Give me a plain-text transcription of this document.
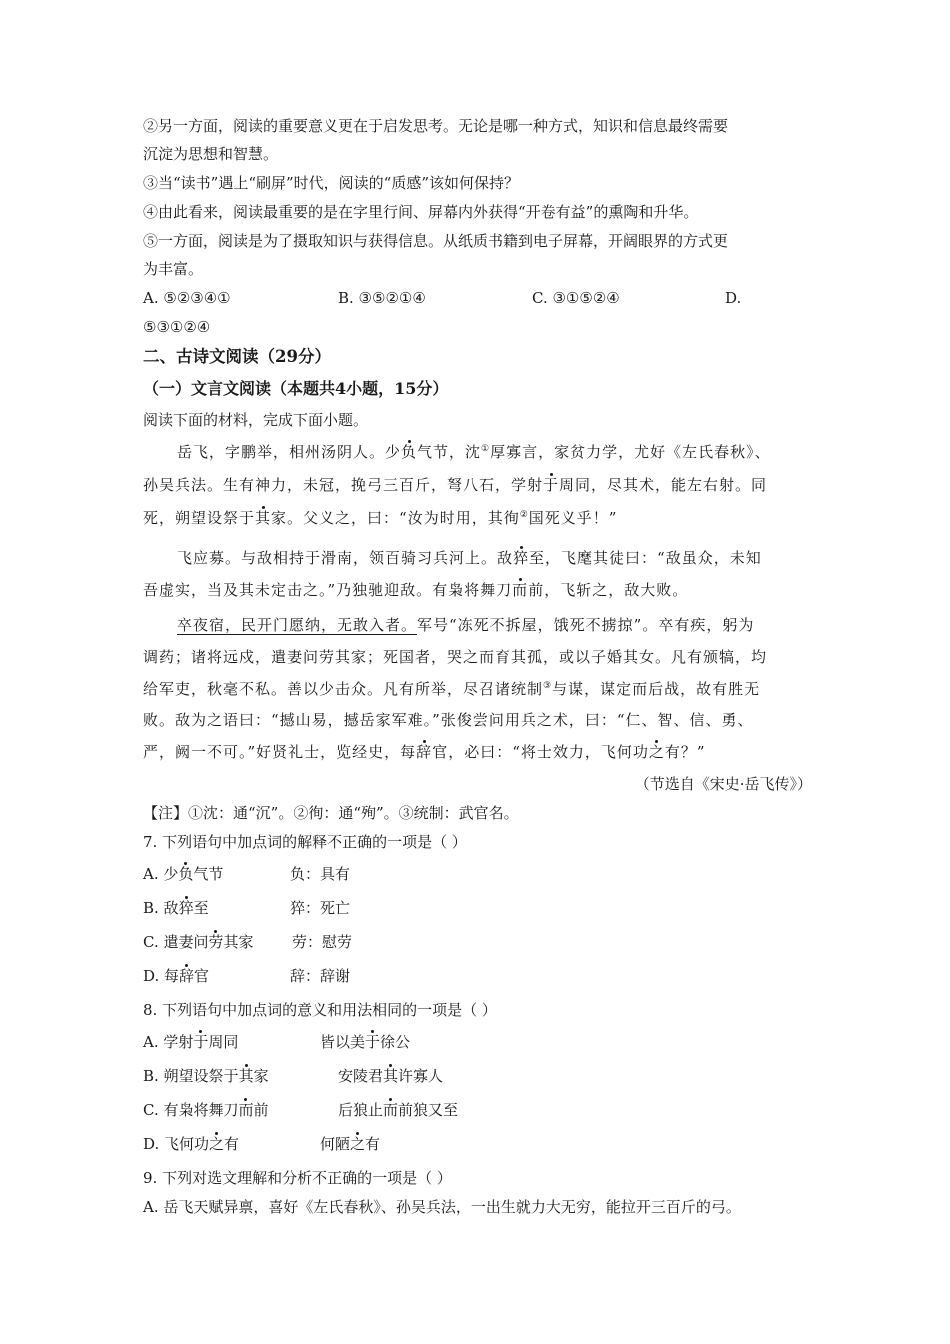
②另一方面，阅读的重要意义更在于启发思考。无论是哪一种方式，知识和信息最终需要
沉淀为思想和智慧。
③当“读书”遇上“刷屏”时代，阅读的“质感”该如何保持？
④由此看来，阅读最重要的是在字里行间、屏幕内外获得“开卷有益”的熏陶和升华。
⑤一方面，阅读是为了摄取知识与获得信息。从纸质书籍到电子屏幕，开阔眼界的方式更
为丰富。
A. ⑤②③④①	B. ③⑤②①④	C. ③①⑤②④	D.
⑤③①②④
二、古诗文阅读（29分）
（一）文言文阅读（本题共4小题，15分）
阅读下面的材料，完成下面小题。
岳飞，字鹏举，相州汤阴人。少负气节，沈①厚寡言，家贫力学，尤好《左氏春秋》、
孙吴兵法。生有神力，未冠，挽弓三百斤，弩八石，学射于周同，尽其术，能左右射。同
死，朔望设祭于其家。父义之，曰：“汝为时用，其徇②国死义乎！”
飞应募。与敌相持于滑南，领百骑习兵河上。敌猝至，飞麾其徒曰：“敌虽众，未知
吾虚实，当及其未定击之。”乃独驰迎敌。有枭将舞刀而前，飞斩之，敌大败。
卒夜宿，民开门愿纳，无敢入者。军号“冻死不拆屋，饿死不掳掠”。卒有疾，躬为
调药；诸将远戍，遣妻问劳其家；死国者，哭之而育其孤，或以子婚其女。凡有颁犒，均
给军吏，秋毫不私。善以少击众。凡有所举，尽召诸统制③与谋，谋定而后战，故有胜无
败。敌为之语曰：“撼山易，撼岳家军难。”张俊尝问用兵之术，曰：“仁、智、信、勇、
严，阙一不可。”好贤礼士，览经史，每辞官，必曰：“将士效力，飞何功之有？”
（节选自《宋史·岳飞传》）
【注】①沈：通“沉”。②徇：通“殉”。③统制：武官名。
7. 下列语句中加点词的解释不正确的一项是（ ）
A. 少负气节	负：具有
B. 敌猝至	猝：死亡
C. 遣妻问劳其家	劳：慰劳
D. 每辞官	辞：辞谢
8. 下列语句中加点词的意义和用法相同的一项是（ ）
A. 学射于周同	皆以美于徐公
B. 朔望设祭于其家	安陵君其许寡人
C. 有枭将舞刀而前	后狼止而前狼又至
D. 飞何功之有	何陋之有
9. 下列对选文理解和分析不正确的一项是（ ）
A. 岳飞天赋异禀，喜好《左氏春秋》、孙吴兵法，一出生就力大无穷，能拉开三百斤的弓。
